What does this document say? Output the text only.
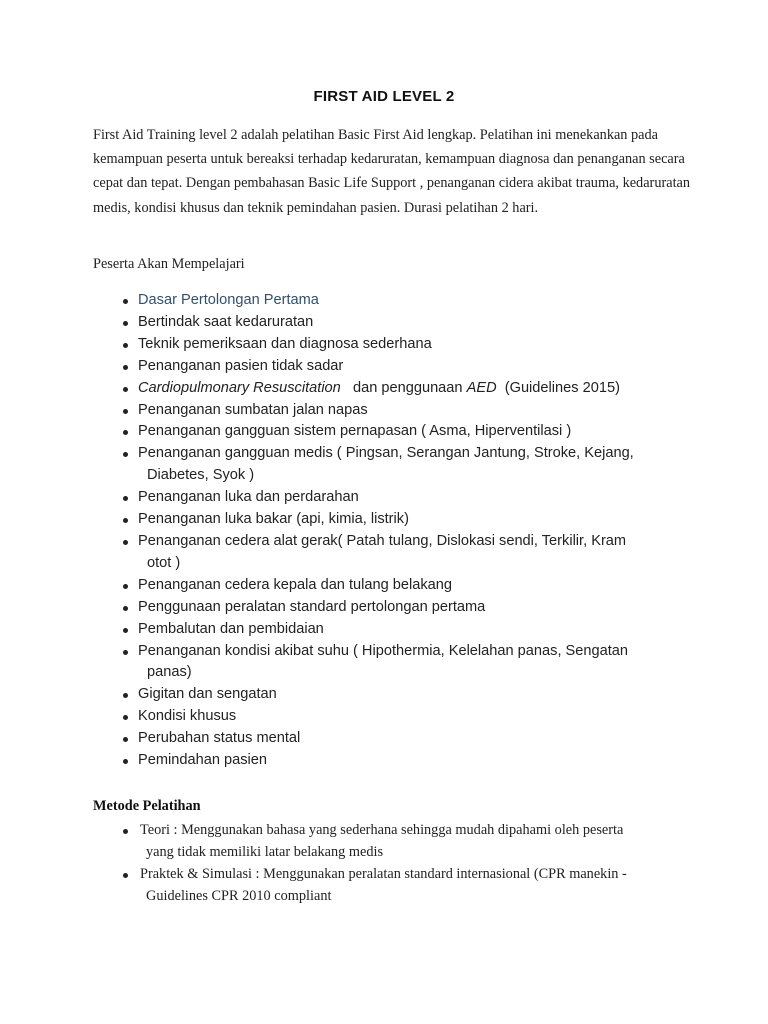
FIRST AID LEVEL 2

First Aid Training level 2 adalah pelatihan Basic First Aid lengkap. Pelatihan ini menekankan pada kemampuan peserta untuk bereaksi terhadap kedaruratan, kemampuan diagnosa dan penanganan secara cepat dan tepat. Dengan pembahasan Basic Life Support , penanganan cidera akibat trauma, kedaruratan medis, kondisi khusus dan teknik pemindahan pasien. Durasi pelatihan 2 hari.

Peserta Akan Mempelajari
Dasar Pertolongan Pertama
Bertindak saat kedaruratan
Teknik pemeriksaan dan diagnosa sederhana
Penanganan pasien tidak sadar
Cardiopulmonary Resuscitation dan penggunaan AED (Guidelines 2015)
Penanganan sumbatan jalan napas
Penanganan gangguan sistem pernapasan ( Asma, Hiperventilasi )
Penanganan gangguan medis ( Pingsan, Serangan Jantung, Stroke, Kejang,
Diabetes, Syok )
Penanganan luka dan perdarahan
Penanganan luka bakar (api, kimia, listrik)
Penanganan cedera alat gerak( Patah tulang, Dislokasi sendi, Terkilir, Kram
otot )
Penanganan cedera kepala dan tulang belakang
Penggunaan peralatan standard pertolongan pertama
Pembalutan dan pembidaian
Penanganan kondisi akibat suhu ( Hipothermia, Kelelahan panas, Sengatan
panas)
Gigitan dan sengatan
Kondisi khusus
Perubahan status mental
Pemindahan pasien
Metode Pelatihan
Teori : Menggunakan bahasa yang sederhana sehingga mudah dipahami oleh peserta
yang tidak memiliki latar belakang medis
Praktek & Simulasi : Menggunakan peralatan standard internasional (CPR manekin -
Guidelines CPR 2010 compliant
